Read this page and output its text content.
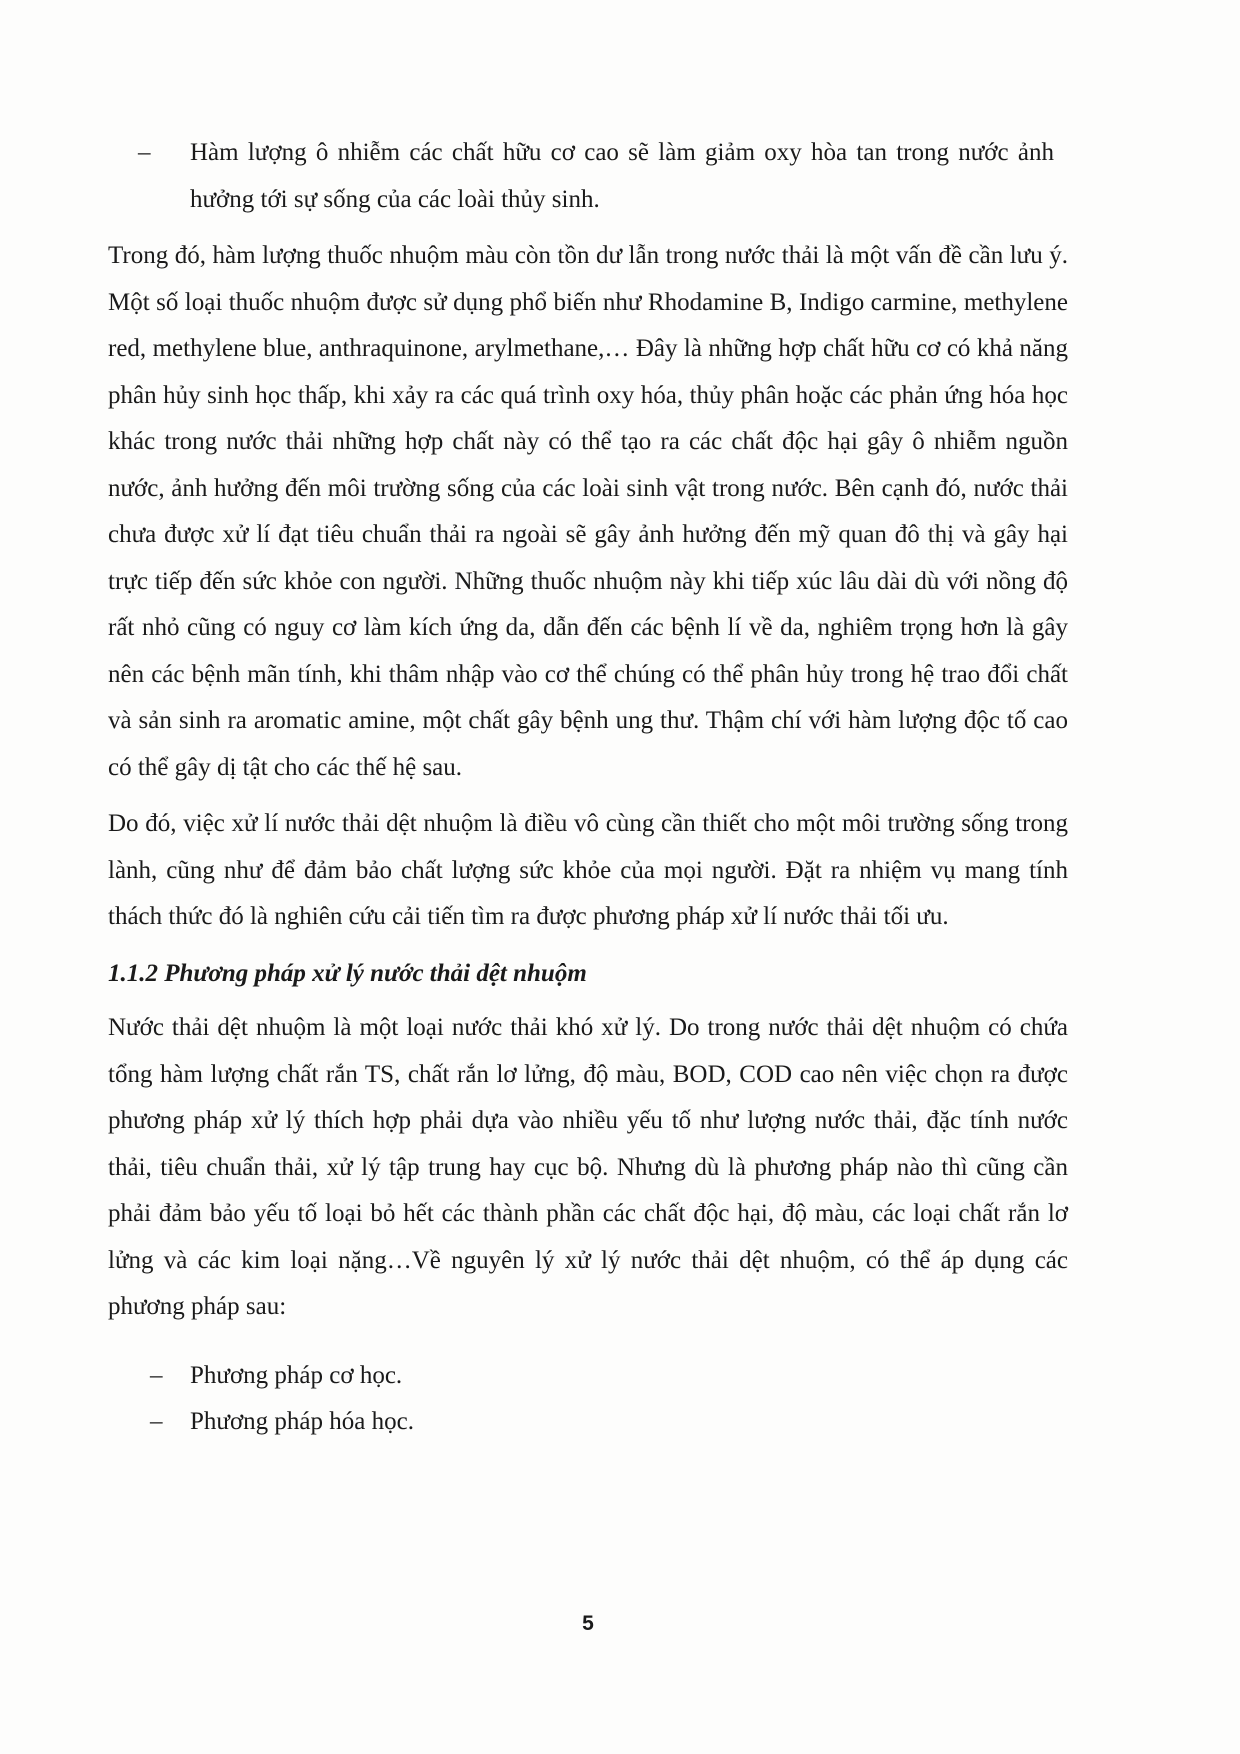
–	Hàm lượng ô nhiễm các chất hữu cơ cao sẽ làm giảm oxy hòa tan trong nước ảnh hưởng tới sự sống của các loài thủy sinh.

Trong đó, hàm lượng thuốc nhuộm màu còn tồn dư lẫn trong nước thải là một vấn đề cần lưu ý. Một số loại thuốc nhuộm được sử dụng phổ biến như Rhodamine B, Indigo carmine, methylene red, methylene blue, anthraquinone, arylmethane,… Đây là những hợp chất hữu cơ có khả năng phân hủy sinh học thấp, khi xảy ra các quá trình oxy hóa, thủy phân hoặc các phản ứng hóa học khác trong nước thải những hợp chất này có thể tạo ra các chất độc hại gây ô nhiễm nguồn nước, ảnh hưởng đến môi trường sống của các loài sinh vật trong nước. Bên cạnh đó, nước thải chưa được xử lí đạt tiêu chuẩn thải ra ngoài sẽ gây ảnh hưởng đến mỹ quan đô thị và gây hại trực tiếp đến sức khỏe con người. Những thuốc nhuộm này khi tiếp xúc lâu dài dù với nồng độ rất nhỏ cũng có nguy cơ làm kích ứng da, dẫn đến các bệnh lí về da, nghiêm trọng hơn là gây nên các bệnh mãn tính, khi thâm nhập vào cơ thể chúng có thể phân hủy trong hệ trao đổi chất và sản sinh ra aromatic amine, một chất gây bệnh ung thư. Thậm chí với hàm lượng độc tố cao có thể gây dị tật cho các thế hệ sau.

Do đó, việc xử lí nước thải dệt nhuộm là điều vô cùng cần thiết cho một môi trường sống trong lành, cũng như để đảm bảo chất lượng sức khỏe của mọi người. Đặt ra nhiệm vụ mang tính thách thức đó là nghiên cứu cải tiến tìm ra được phương pháp xử lí nước thải tối ưu.

1.1.2 Phương pháp xử lý nước thải dệt nhuộm

Nước thải dệt nhuộm là một loại nước thải khó xử lý. Do trong nước thải dệt nhuộm có chứa tổng hàm lượng chất rắn TS, chất rắn lơ lửng, độ màu, BOD, COD cao nên việc chọn ra được phương pháp xử lý thích hợp phải dựa vào nhiều yếu tố như lượng nước thải, đặc tính nước thải, tiêu chuẩn thải, xử lý tập trung hay cục bộ. Nhưng dù là phương pháp nào thì cũng cần phải đảm bảo yếu tố loại bỏ hết các thành phần các chất độc hại, độ màu, các loại chất rắn lơ lửng và các kim loại nặng…Về nguyên lý xử lý nước thải dệt nhuộm, có thể áp dụng các phương pháp sau:

–	Phương pháp cơ học.
–	Phương pháp hóa học.
5
